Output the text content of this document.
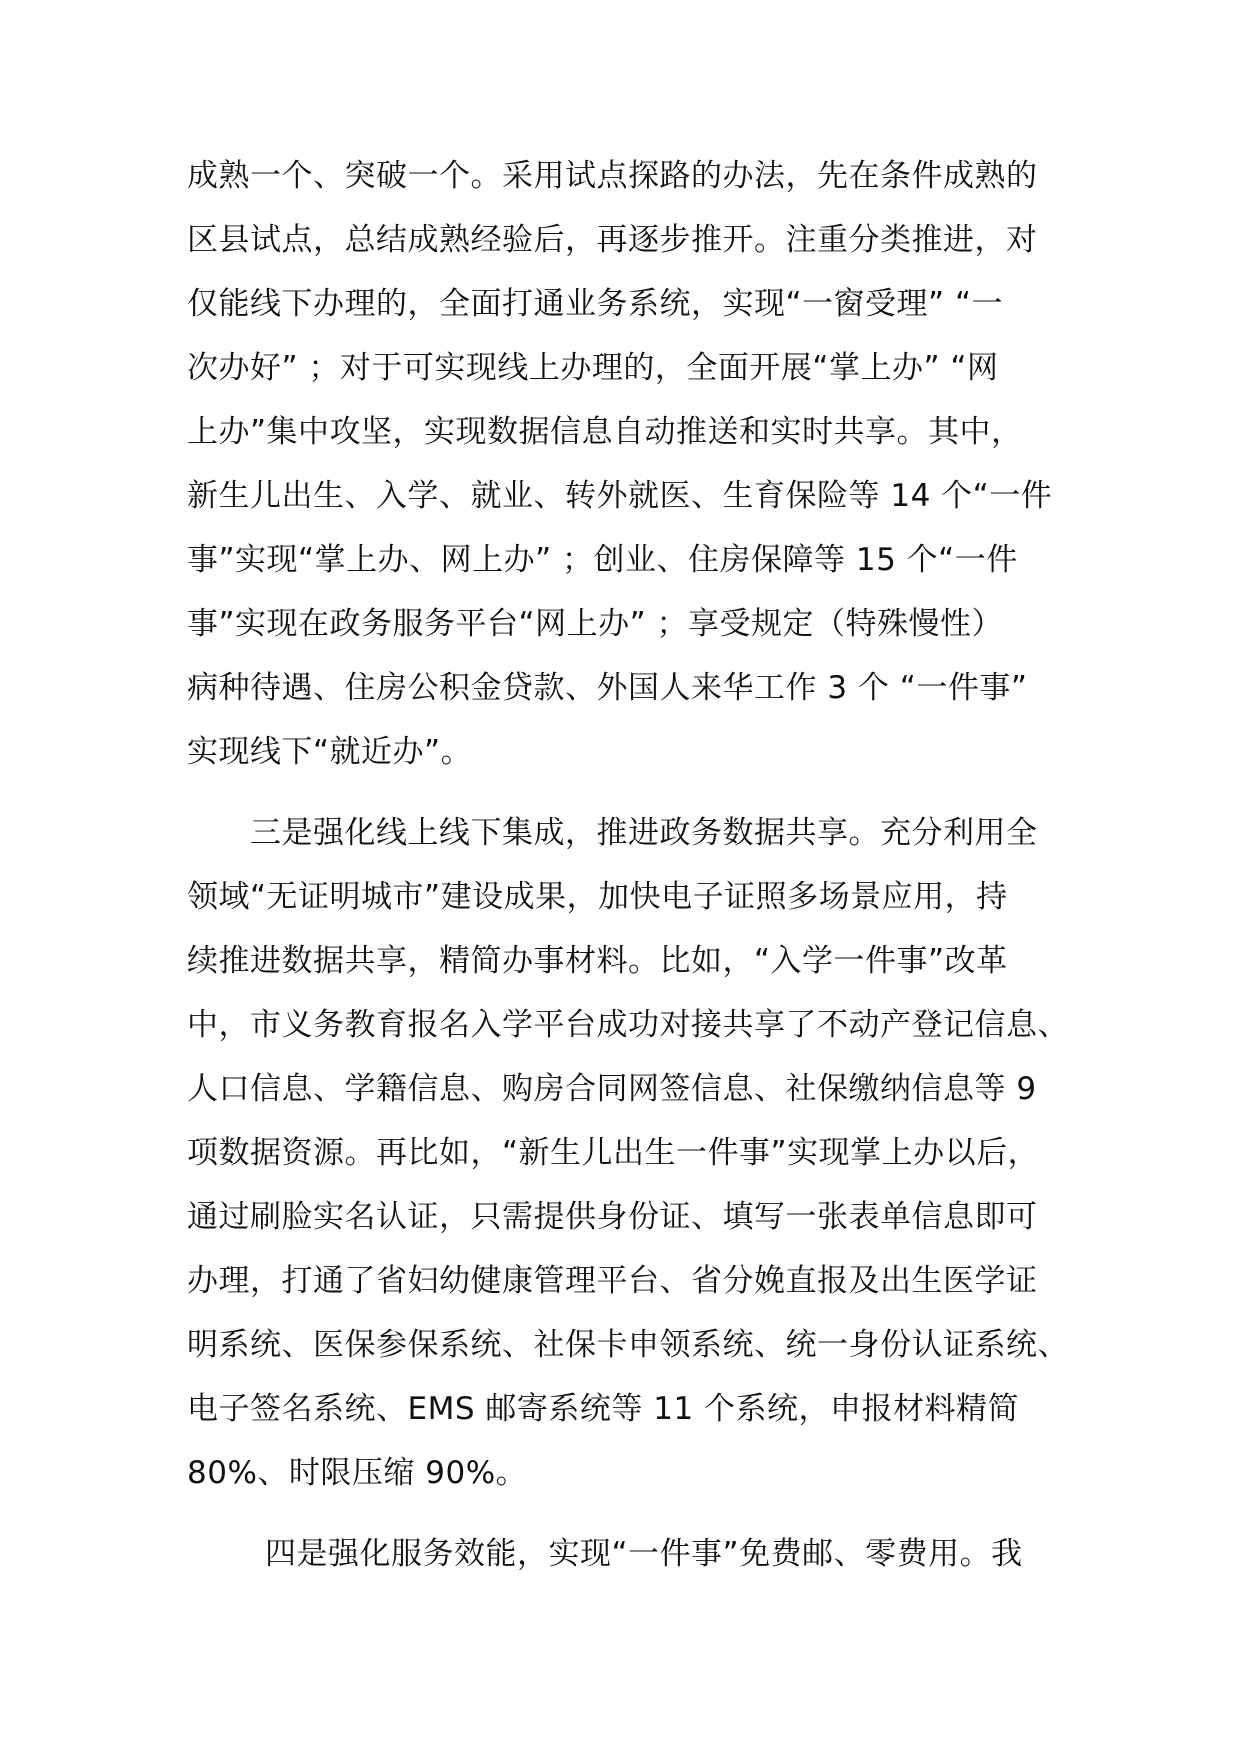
成熟一个、突破一个。采用试点探路的办法，先在条件成熟的
区县试点，总结成熟经验后，再逐步推开。注重分类推进，对
仅能线下办理的，全面打通业务系统，实现“一窗受理” “一
次办好” ；对于可实现线上办理的，全面开展“掌上办” “网
上办”集中攻坚，实现数据信息自动推送和实时共享。其中，
新生儿出生、入学、就业、转外就医、生育保险等 14 个“一件
事”实现“掌上办、网上办” ；创业、住房保障等 15 个“一件
事”实现在政务服务平台“网上办” ；享受规定（特殊慢性）
病种待遇、住房公积金贷款、外国人来华工作 3 个 “一件事”
实现线下“就近办”。
三是强化线上线下集成，推进政务数据共享。充分利用全
领域“无证明城市”建设成果，加快电子证照多场景应用，持
续推进数据共享，精简办事材料。比如，“入学一件事”改革
中，市义务教育报名入学平台成功对接共享了不动产登记信息、
人口信息、学籍信息、购房合同网签信息、社保缴纳信息等 9
项数据资源。再比如，“新生儿出生一件事”实现掌上办以后，
通过刷脸实名认证，只需提供身份证、填写一张表单信息即可
办理，打通了省妇幼健康管理平台、省分娩直报及出生医学证
明系统、医保参保系统、社保卡申领系统、统一身份认证系统、
电子签名系统、EMS 邮寄系统等 11 个系统，申报材料精简
80%、时限压缩 90%。
四是强化服务效能，实现“一件事”免费邮、零费用。我
